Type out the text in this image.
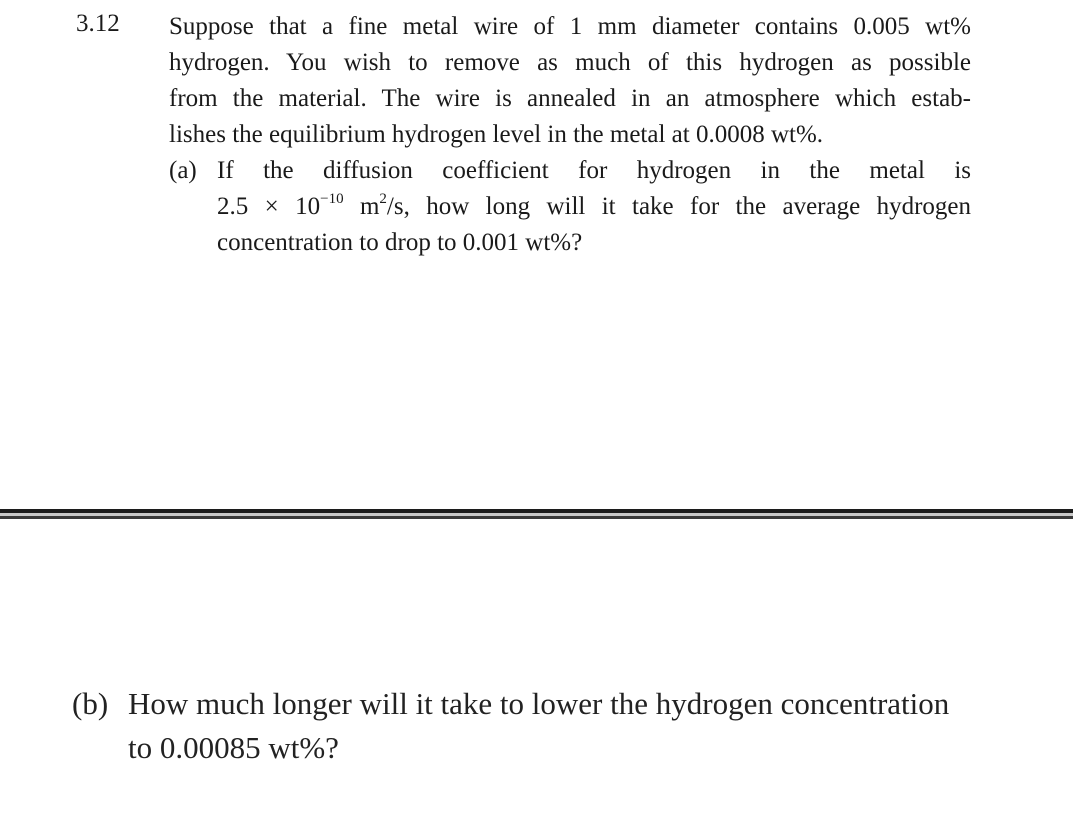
3.12 Suppose that a fine metal wire of 1 mm diameter contains 0.005 wt%
hydrogen. You wish to remove as much of this hydrogen as possible
from the material. The wire is annealed in an atmosphere which estab-
lishes the equilibrium hydrogen level in the metal at 0.0008 wt%.
(a) If the diffusion coefficient for hydrogen in the metal is
$2.5 \times 10^{-10}$ $m^2/s$, how long will it take for the average hydrogen
concentration to drop to 0.001 wt%?
(b) How much longer will it take to lower the hydrogen concentration
to 0.00085 wt%?
